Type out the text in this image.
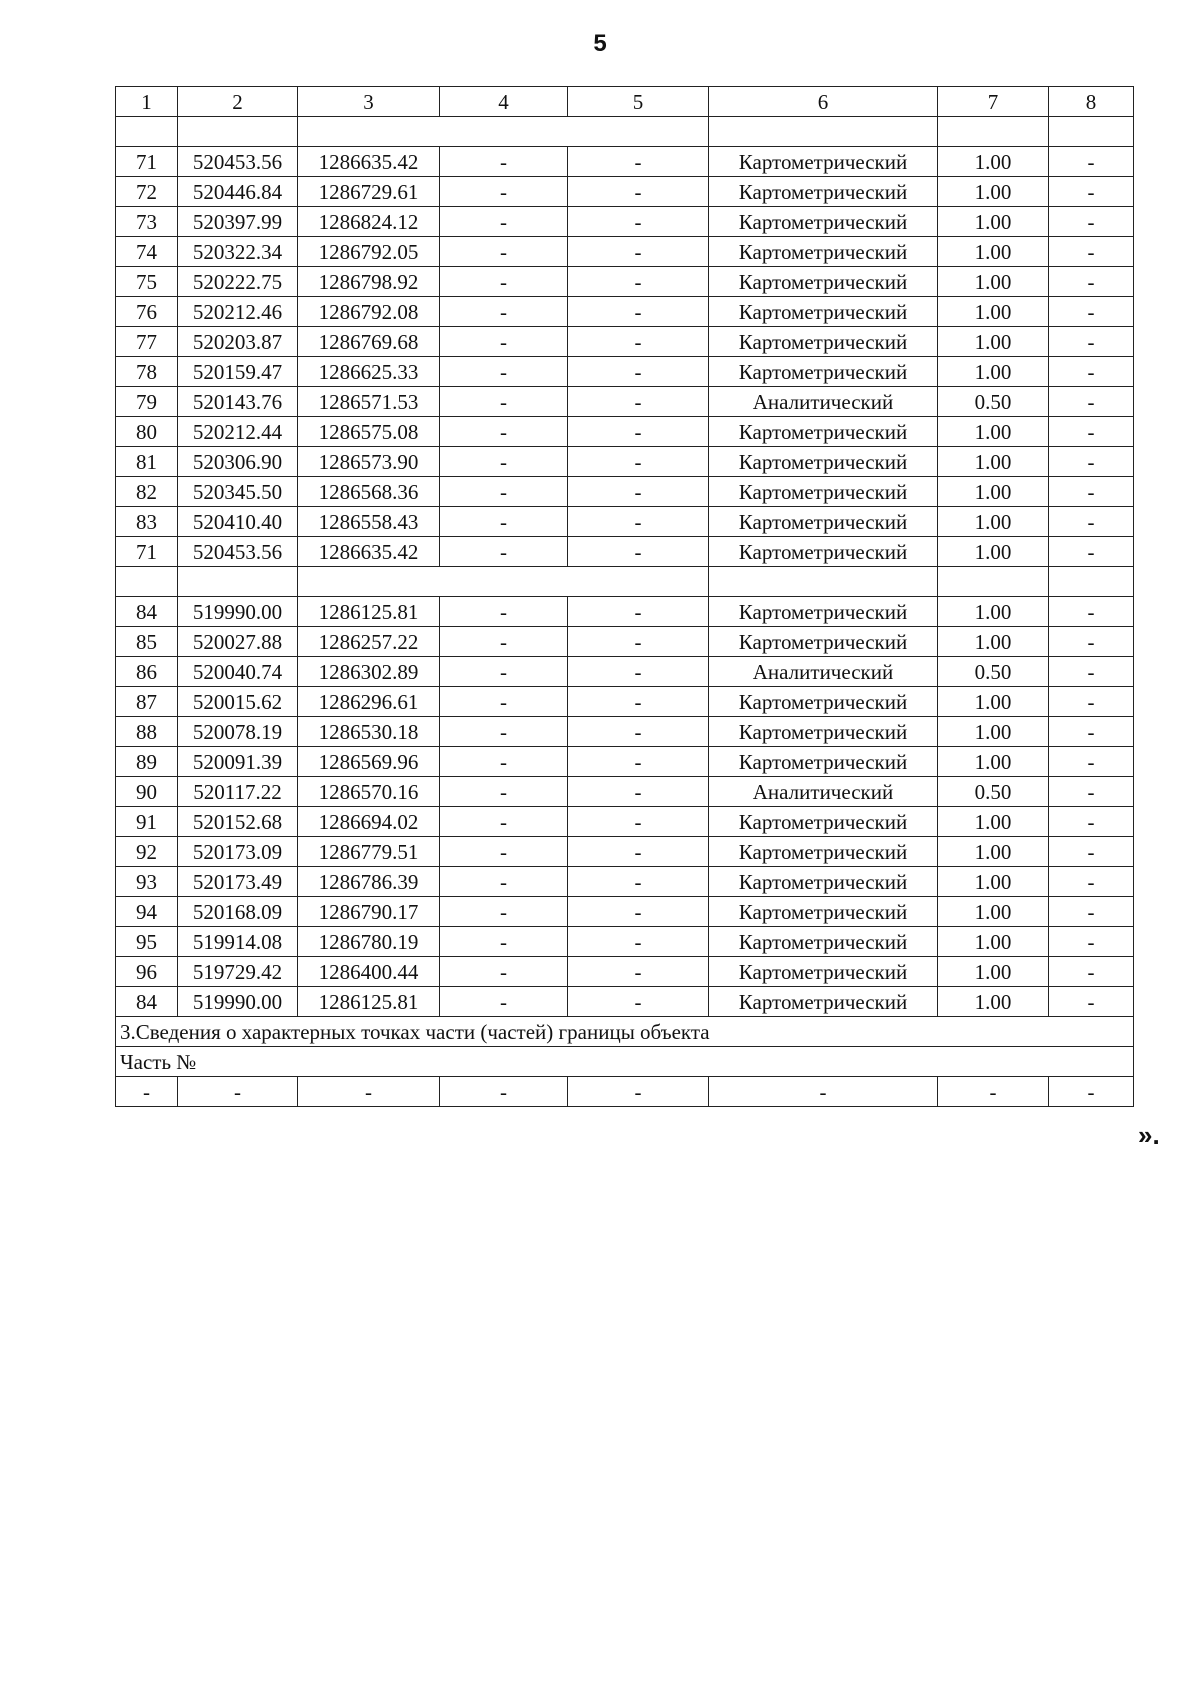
5
1	2	3	4	5	6	7	8

71	520453.56	1286635.42	-	-	Картометрический	1.00	-
72	520446.84	1286729.61	-	-	Картометрический	1.00	-
73	520397.99	1286824.12	-	-	Картометрический	1.00	-
74	520322.34	1286792.05	-	-	Картометрический	1.00	-
75	520222.75	1286798.92	-	-	Картометрический	1.00	-
76	520212.46	1286792.08	-	-	Картометрический	1.00	-
77	520203.87	1286769.68	-	-	Картометрический	1.00	-
78	520159.47	1286625.33	-	-	Картометрический	1.00	-
79	520143.76	1286571.53	-	-	Аналитический	0.50	-
80	520212.44	1286575.08	-	-	Картометрический	1.00	-
81	520306.90	1286573.90	-	-	Картометрический	1.00	-
82	520345.50	1286568.36	-	-	Картометрический	1.00	-
83	520410.40	1286558.43	-	-	Картометрический	1.00	-
71	520453.56	1286635.42	-	-	Картометрический	1.00	-

84	519990.00	1286125.81	-	-	Картометрический	1.00	-
85	520027.88	1286257.22	-	-	Картометрический	1.00	-
86	520040.74	1286302.89	-	-	Аналитический	0.50	-
87	520015.62	1286296.61	-	-	Картометрический	1.00	-
88	520078.19	1286530.18	-	-	Картометрический	1.00	-
89	520091.39	1286569.96	-	-	Картометрический	1.00	-
90	520117.22	1286570.16	-	-	Аналитический	0.50	-
91	520152.68	1286694.02	-	-	Картометрический	1.00	-
92	520173.09	1286779.51	-	-	Картометрический	1.00	-
93	520173.49	1286786.39	-	-	Картометрический	1.00	-
94	520168.09	1286790.17	-	-	Картометрический	1.00	-
95	519914.08	1286780.19	-	-	Картометрический	1.00	-
96	519729.42	1286400.44	-	-	Картометрический	1.00	-
84	519990.00	1286125.81	-	-	Картометрический	1.00	-
3.Сведения о характерных точках части (частей) границы объекта							
Часть №							
-	-	-	-	-	-	-	-
».
